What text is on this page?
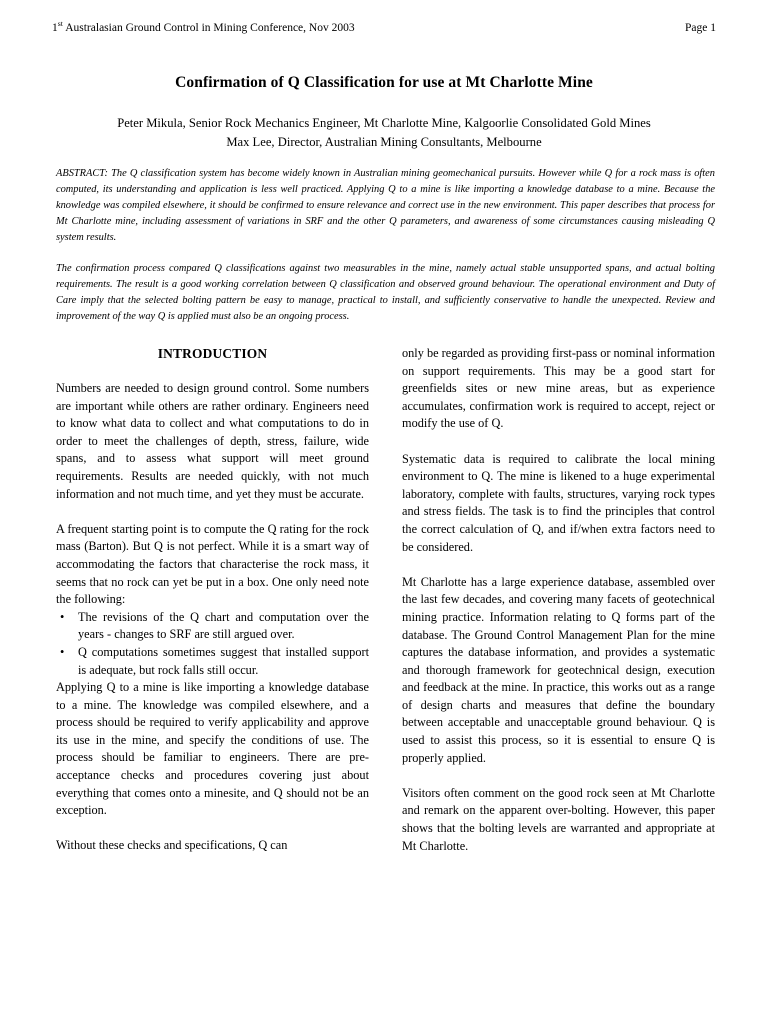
1st Australasian Ground Control in Mining Conference, Nov 2003	Page 1
Confirmation of Q Classification for use at Mt Charlotte Mine
Peter Mikula, Senior Rock Mechanics Engineer, Mt Charlotte Mine, Kalgoorlie Consolidated Gold Mines
Max Lee, Director, Australian Mining Consultants, Melbourne

ABSTRACT: The Q classification system has become widely known in Australian mining geomechanical pursuits. However while Q for a rock mass is often computed, its understanding and application is less well practiced. Applying Q to a mine is like importing a knowledge database to a mine. Because the knowledge was compiled elsewhere, it should be confirmed to ensure relevance and correct use in the new environment. This paper describes that process for Mt Charlotte mine, including assessment of variations in SRF and the other Q parameters, and awareness of some circumstances causing misleading Q system results.

The confirmation process compared Q classifications against two measurables in the mine, namely actual stable unsupported spans, and actual bolting requirements. The result is a good working correlation between Q classification and observed ground behaviour. The operational environment and Duty of Care imply that the selected bolting pattern be easy to manage, practical to install, and sufficiently conservative to handle the unexpected. Review and improvement of the way Q is applied must also be an ongoing process.

INTRODUCTION

Numbers are needed to design ground control. Some numbers are important while others are rather ordinary. Engineers need to know what data to collect and what computations to do in order to meet the challenges of depth, stress, failure, wide spans, and to assess what support will meet ground requirements. Results are needed quickly, with not much information and not much time, and yet they must be accurate.

A frequent starting point is to compute the Q rating for the rock mass (Barton). But Q is not perfect. While it is a smart way of accommodating the factors that characterise the rock mass, it seems that no rock can yet be put in a box. One only need note the following:

• The revisions of the Q chart and computation over the years - changes to SRF are still argued over.
• Q computations sometimes suggest that installed support is adequate, but rock falls still occur.

Applying Q to a mine is like importing a knowledge database to a mine. The knowledge was compiled elsewhere, and a process should be required to verify applicability and approve its use in the mine, and specify the conditions of use. The process should be familiar to engineers. There are pre-acceptance checks and procedures covering just about everything that comes onto a minesite, and Q should not be an exception.

Without these checks and specifications, Q can

only be regarded as providing first-pass or nominal information on support requirements. This may be a good start for greenfields sites or new mine areas, but as experience accumulates, confirmation work is required to accept, reject or modify the use of Q.

Systematic data is required to calibrate the local mining environment to Q. The mine is likened to a huge experimental laboratory, complete with faults, structures, varying rock types and stress fields. The task is to find the principles that control the correct calculation of Q, and if/when extra factors need to be considered.

Mt Charlotte has a large experience database, assembled over the last few decades, and covering many facets of geotechnical mining practice. Information relating to Q forms part of the database. The Ground Control Management Plan for the mine captures the database information, and provides a systematic and thorough framework for geotechnical design, execution and feedback at the mine. In practice, this works out as a range of design charts and measures that define the boundary between acceptable and unacceptable ground behaviour. Q is used to assist this process, so it is essential to ensure Q is properly applied.

Visitors often comment on the good rock seen at Mt Charlotte and remark on the apparent over-bolting. However, this paper shows that the bolting levels are warranted and appropriate at Mt Charlotte.
